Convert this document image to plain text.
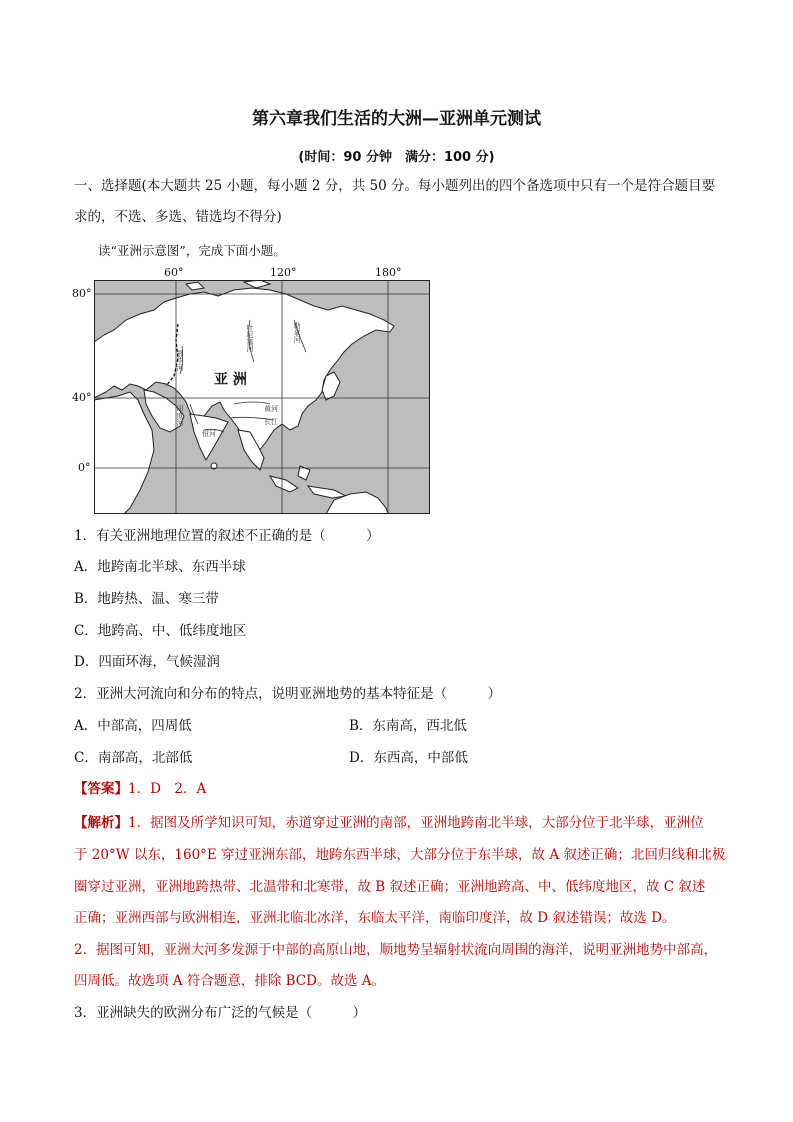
第六章我们生活的大洲—亚洲单元测试
(时间：90 分钟　满分：100 分)
一、选择题(本大题共 25 小题，每小题 2 分，共 50 分。每小题列出的四个备选项中只有一个是符合题目要
求的，不选、多选、错选均不得分)
读“亚洲示意图”，完成下面小题。
叶尼塞河	勒拿河
鄂毕河
印度河
恒河
黄河
长江
亚 洲
60°	120°	180°
80°
40°
0°
1．有关亚洲地理位置的叙述不正确的是（　　　）
A．地跨南北半球、东西半球
B．地跨热、温、寒三带
C．地跨高、中、低纬度地区
D．四面环海，气候湿润
2．亚洲大河流向和分布的特点，说明亚洲地势的基本特征是（　　　）
A．中部高，四周低	B．东南高，西北低
C．南部高，北部低	D．东西高，中部低
【答案】1．D　2．A
【解析】1．据图及所学知识可知，赤道穿过亚洲的南部，亚洲地跨南北半球，大部分位于北半球，亚洲位
于 20°W 以东，160°E 穿过亚洲东部，地跨东西半球，大部分位于东半球，故 A 叙述正确；北回归线和北极
圈穿过亚洲，亚洲地跨热带、北温带和北寒带，故 B 叙述正确；亚洲地跨高、中、低纬度地区，故 C 叙述
正确；亚洲西部与欧洲相连，亚洲北临北冰洋，东临太平洋，南临印度洋，故 D 叙述错误；故选 D。
2．据图可知，亚洲大河多发源于中部的高原山地，顺地势呈辐射状流向周围的海洋，说明亚洲地势中部高，
四周低。故选项 A 符合题意，排除 BCD。故选 A。
3．亚洲缺失的欧洲分布广泛的气候是（　　　）
